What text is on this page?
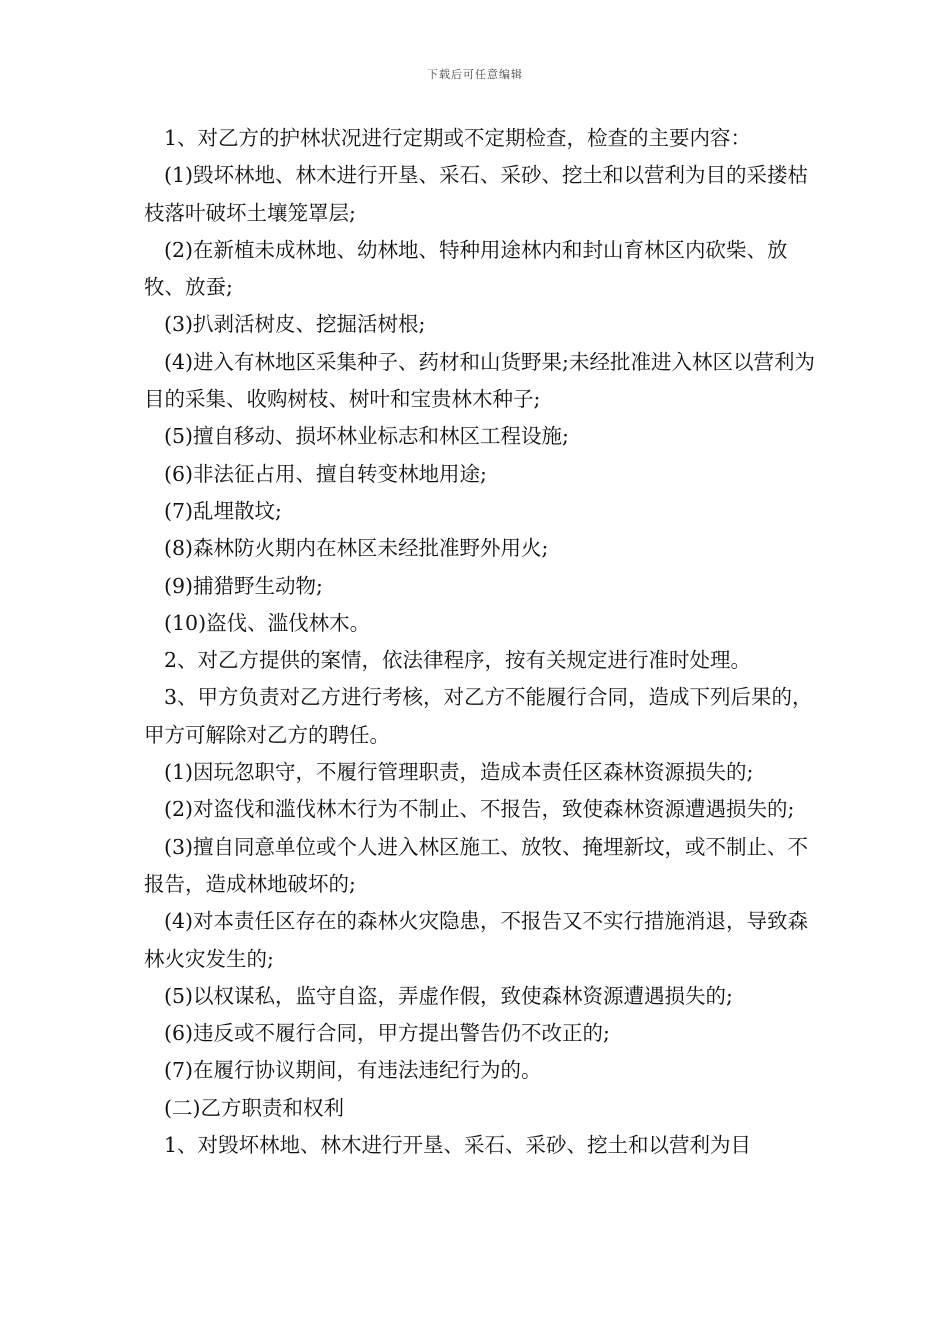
下载后可任意编辑

1、对乙方的护林状况进行定期或不定期检查，检查的主要内容：

(1)毁坏林地、林木进行开垦、采石、采砂、挖土和以营利为目的采搂枯枝落叶破坏土壤笼罩层;

(2)在新植未成林地、幼林地、特种用途林内和封山育林区内砍柴、放牧、放蚕;

(3)扒剥活树皮、挖掘活树根;

(4)进入有林地区采集种子、药材和山货野果;未经批准进入林区以营利为目的采集、收购树枝、树叶和宝贵林木种子;

(5)擅自移动、损坏林业标志和林区工程设施;

(6)非法征占用、擅自转变林地用途;

(7)乱埋散坟;

(8)森林防火期内在林区未经批准野外用火;

(9)捕猎野生动物;

(10)盗伐、滥伐林木。

2、对乙方提供的案情，依法律程序，按有关规定进行准时处理。

3、甲方负责对乙方进行考核，对乙方不能履行合同，造成下列后果的，甲方可解除对乙方的聘任。

(1)因玩忽职守，不履行管理职责，造成本责任区森林资源损失的;

(2)对盗伐和滥伐林木行为不制止、不报告，致使森林资源遭遇损失的;

(3)擅自同意单位或个人进入林区施工、放牧、掩埋新坟，或不制止、不报告，造成林地破坏的;

(4)对本责任区存在的森林火灾隐患，不报告又不实行措施消退，导致森林火灾发生的;

(5)以权谋私，监守自盗，弄虚作假，致使森林资源遭遇损失的;

(6)违反或不履行合同，甲方提出警告仍不改正的;

(7)在履行协议期间，有违法违纪行为的。

(二)乙方职责和权利

1、对毁坏林地、林木进行开垦、采石、采砂、挖土和以营利为目
